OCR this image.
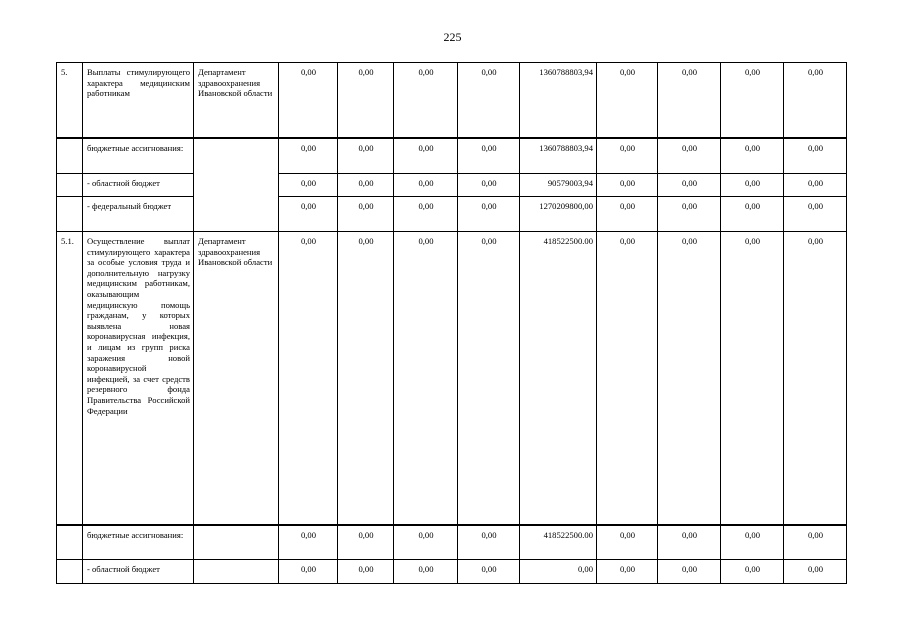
225
5.	Выплаты стимулирующего характера медицинским работникам	Департамент здравоохранения Ивановской области	0,00	0,00	0,00	0,00	1360788803,94	0,00	0,00	0,00	0,00
	бюджетные ассигнования:		0,00	0,00	0,00	0,00	1360788803,94	0,00	0,00	0,00	0,00
	- областной бюджет		0,00	0,00	0,00	0,00	90579003,94	0,00	0,00	0,00	0,00
	- федеральный бюджет		0,00	0,00	0,00	0,00	1270209800,00	0,00	0,00	0,00	0,00
5.1.	Осуществление выплат стимулирующего характера за особые условия труда и дополнительную нагрузку медицинским работникам, оказывающим медицинскую помощь гражданам, у которых выявлена новая коронавирусная инфекция, и лицам из групп риска заражения новой коронавирусной инфекцией, за счет средств резервного фонда Правительства Российской Федерации	Департамент здравоохранения Ивановской области	0,00	0,00	0,00	0,00	418522500.00	0,00	0,00	0,00	0,00
	бюджетные ассигнования:		0,00	0,00	0,00	0,00	418522500.00	0,00	0,00	0,00	0,00
	- областной бюджет		0,00	0,00	0,00	0,00	0,00	0,00	0,00	0,00	0,00
